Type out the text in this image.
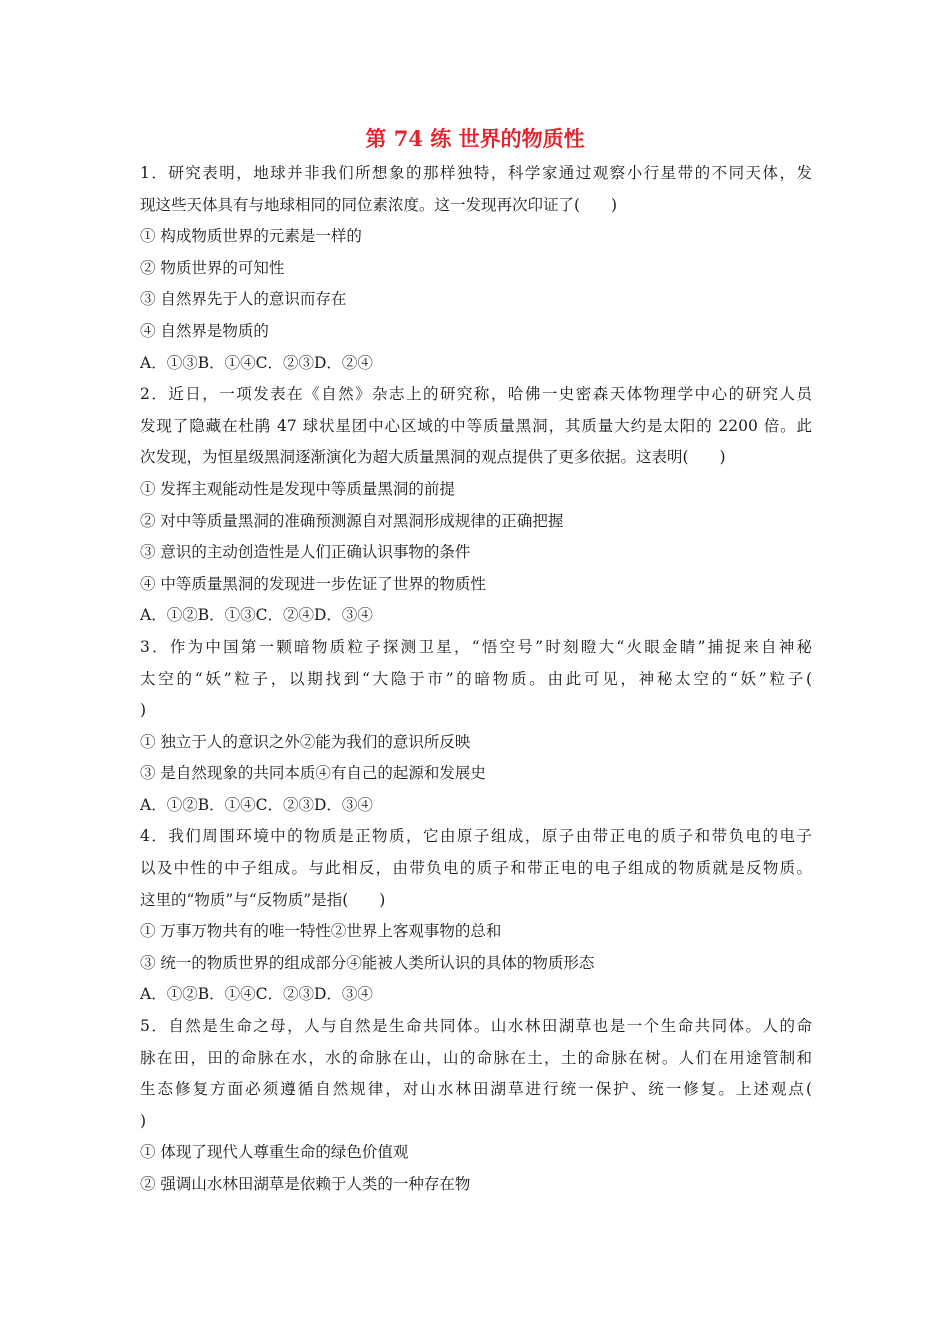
第 74 练 世界的物质性
1．研究表明，地球并非我们所想象的那样独特，科学家通过观察小行星带的不同天体，发
现这些天体具有与地球相同的同位素浓度。这一发现再次印证了(　　)
① 构成物质世界的元素是一样的
② 物质世界的可知性
③ 自然界先于人的意识而存在
④ 自然界是物质的
A．①③B．①④C．②③D．②④
2．近日，一项发表在《自然》杂志上的研究称，哈佛一史密森天体物理学中心的研究人员
发现了隐藏在杜鹃 47 球状星团中心区域的中等质量黑洞，其质量大约是太阳的 2200 倍。此
次发现，为恒星级黑洞逐渐演化为超大质量黑洞的观点提供了更多依据。这表明(　　)
① 发挥主观能动性是发现中等质量黑洞的前提
② 对中等质量黑洞的准确预测源自对黑洞形成规律的正确把握
③ 意识的主动创造性是人们正确认识事物的条件
④ 中等质量黑洞的发现进一步佐证了世界的物质性
A．①②B．①③C．②④D．③④
3．作为中国第一颗暗物质粒子探测卫星，“悟空号”时刻瞪大“火眼金睛”捕捉来自神秘
太空的“妖”粒子，以期找到“大隐于市”的暗物质。由此可见，神秘太空的“妖”粒子(
)
① 独立于人的意识之外②能为我们的意识所反映
③ 是自然现象的共同本质④有自己的起源和发展史
A．①②B．①④C．②③D．③④
4．我们周围环境中的物质是正物质，它由原子组成，原子由带正电的质子和带负电的电子
以及中性的中子组成。与此相反，由带负电的质子和带正电的电子组成的物质就是反物质。
这里的“物质”与“反物质”是指(　　)
① 万事万物共有的唯一特性②世界上客观事物的总和
③ 统一的物质世界的组成部分④能被人类所认识的具体的物质形态
A．①②B．①④C．②③D．③④
5．自然是生命之母，人与自然是生命共同体。山水林田湖草也是一个生命共同体。人的命
脉在田，田的命脉在水，水的命脉在山，山的命脉在土，土的命脉在树。人们在用途管制和
生态修复方面必须遵循自然规律，对山水林田湖草进行统一保护、统一修复。上述观点(
)
① 体现了现代人尊重生命的绿色价值观
② 强调山水林田湖草是依赖于人类的一种存在物
